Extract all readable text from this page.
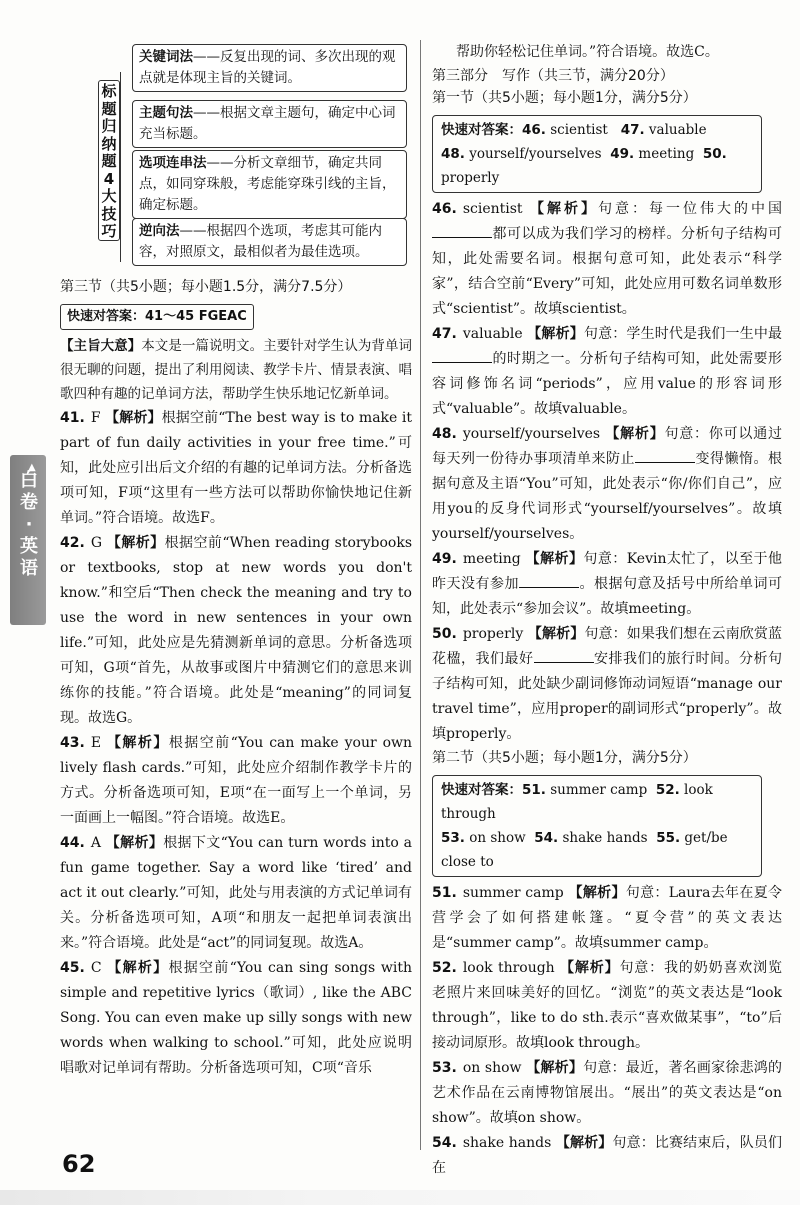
标
题
归
纳
题
4
大
技
巧
关键词法——反复出现的词、多次出现的观点就是体现主旨的关键词。
主题句法——根据文章主题句，确定中心词充当标题。
选项连串法——分析文章细节，确定共同点，如同穿珠般，考虑能穿珠引线的主旨，确定标题。
逆向法——根据四个选项，考虑其可能内容，对照原文，最相似者为最佳选项。
第三节（共5小题；每小题1.5分，满分7.5分）
快速对答案：41～45 FGEAC

【主旨大意】本文是一篇说明文。主要针对学生认为背单词很无聊的问题，提出了利用阅读、教学卡片、情景表演、唱歌四种有趣的记单词方法，帮助学生快乐地记忆新单词。

41. F 【解析】根据空前“The best way is to make it part of fun daily activities in your free time.”可知，此处应引出后文介绍的有趣的记单词方法。分析备选项可知，F项“这里有一些方法可以帮助你愉快地记住新单词。”符合语境。故选F。

42. G 【解析】根据空前“When reading storybooks or textbooks, stop at new words you don't know.”和空后“Then check the meaning and try to use the word in new sentences in your own life.”可知，此处应是先猜测新单词的意思。分析备选项可知，G项“首先，从故事或图片中猜测它们的意思来训练你的技能。”符合语境。此处是“meaning”的同词复现。故选G。

43. E 【解析】根据空前“You can make your own lively flash cards.”可知，此处应介绍制作教学卡片的方式。分析备选项可知，E项“在一面写上一个单词，另一面画上一幅图。”符合语境。故选E。

44. A 【解析】根据下文“You can turn words into a fun game together. Say a word like ‘tired’ and act it out clearly.”可知，此处与用表演的方式记单词有关。分析备选项可知，A项“和朋友一起把单词表演出来。”符合语境。此处是“act”的同词复现。故选A。

45. C 【解析】根据空前“You can sing songs with simple and repetitive lyrics（歌词）, like the ABC Song. You can even make up silly songs with new words when walking to school.”可知，此处应说明唱歌对记单词有帮助。分析备选项可知，C项“音乐

帮助你轻松记住单词。”符合语境。故选C。

第三部分　写作（共三节，满分20分）
第一节（共5小题；每小题1分，满分5分）
快速对答案：46. scientist 47. valuable
48. yourself/yourselves 49. meeting 50. properly

46. scientist 【解析】句意：每一位伟大的中国都可以成为我们学习的榜样。分析句子结构可知，此处需要名词。根据句意可知，此处表示“科学家”，结合空前“Every”可知，此处应用可数名词单数形式“scientist”。故填scientist。

47. valuable 【解析】句意：学生时代是我们一生中最的时期之一。分析句子结构可知，此处需要形容词修饰名词“periods”，应用value的形容词形式“valuable”。故填valuable。

48. yourself/yourselves 【解析】句意：你可以通过每天列一份待办事项清单来防止	变得懒惰。根据句意及主语“You”可知，此处表示“你/你们自己”，应用you的反身代词形式“yourself/yourselves”。故填yourself/yourselves。

49. meeting 【解析】句意：Kevin太忙了，以至于他昨天没有参加	。根据句意及括号中所给单词可知，此处表示“参加会议”。故填meeting。

50. properly 【解析】句意：如果我们想在云南欣赏蓝花楹，我们最好	安排我们的旅行时间。分析句子结构可知，此处缺少副词修饰动词短语“manage our travel time”，应用proper的副词形式“properly”。故填properly。

第二节（共5小题；每小题1分，满分5分）
快速对答案：51. summer camp 52. look through
53. on show 54. shake hands 55. get/be close to

51. summer camp 【解析】句意：Laura去年在夏令营学会了如何搭建帐篷。“夏令营”的英文表达是“summer camp”。故填summer camp。

52. look through 【解析】句意：我的奶奶喜欢浏览老照片来回味美好的回忆。“浏览”的英文表达是“look through”，like to do sth.表示“喜欢做某事”，“to”后接动词原形。故填look through。

53. on show 【解析】句意：最近，著名画家徐悲鸿的艺术作品在云南博物馆展出。“展出”的英文表达是“on show”。故填on show。

54. shake hands 【解析】句意：比赛结束后，队员们在

▲
白
卷
·
英
语
62
